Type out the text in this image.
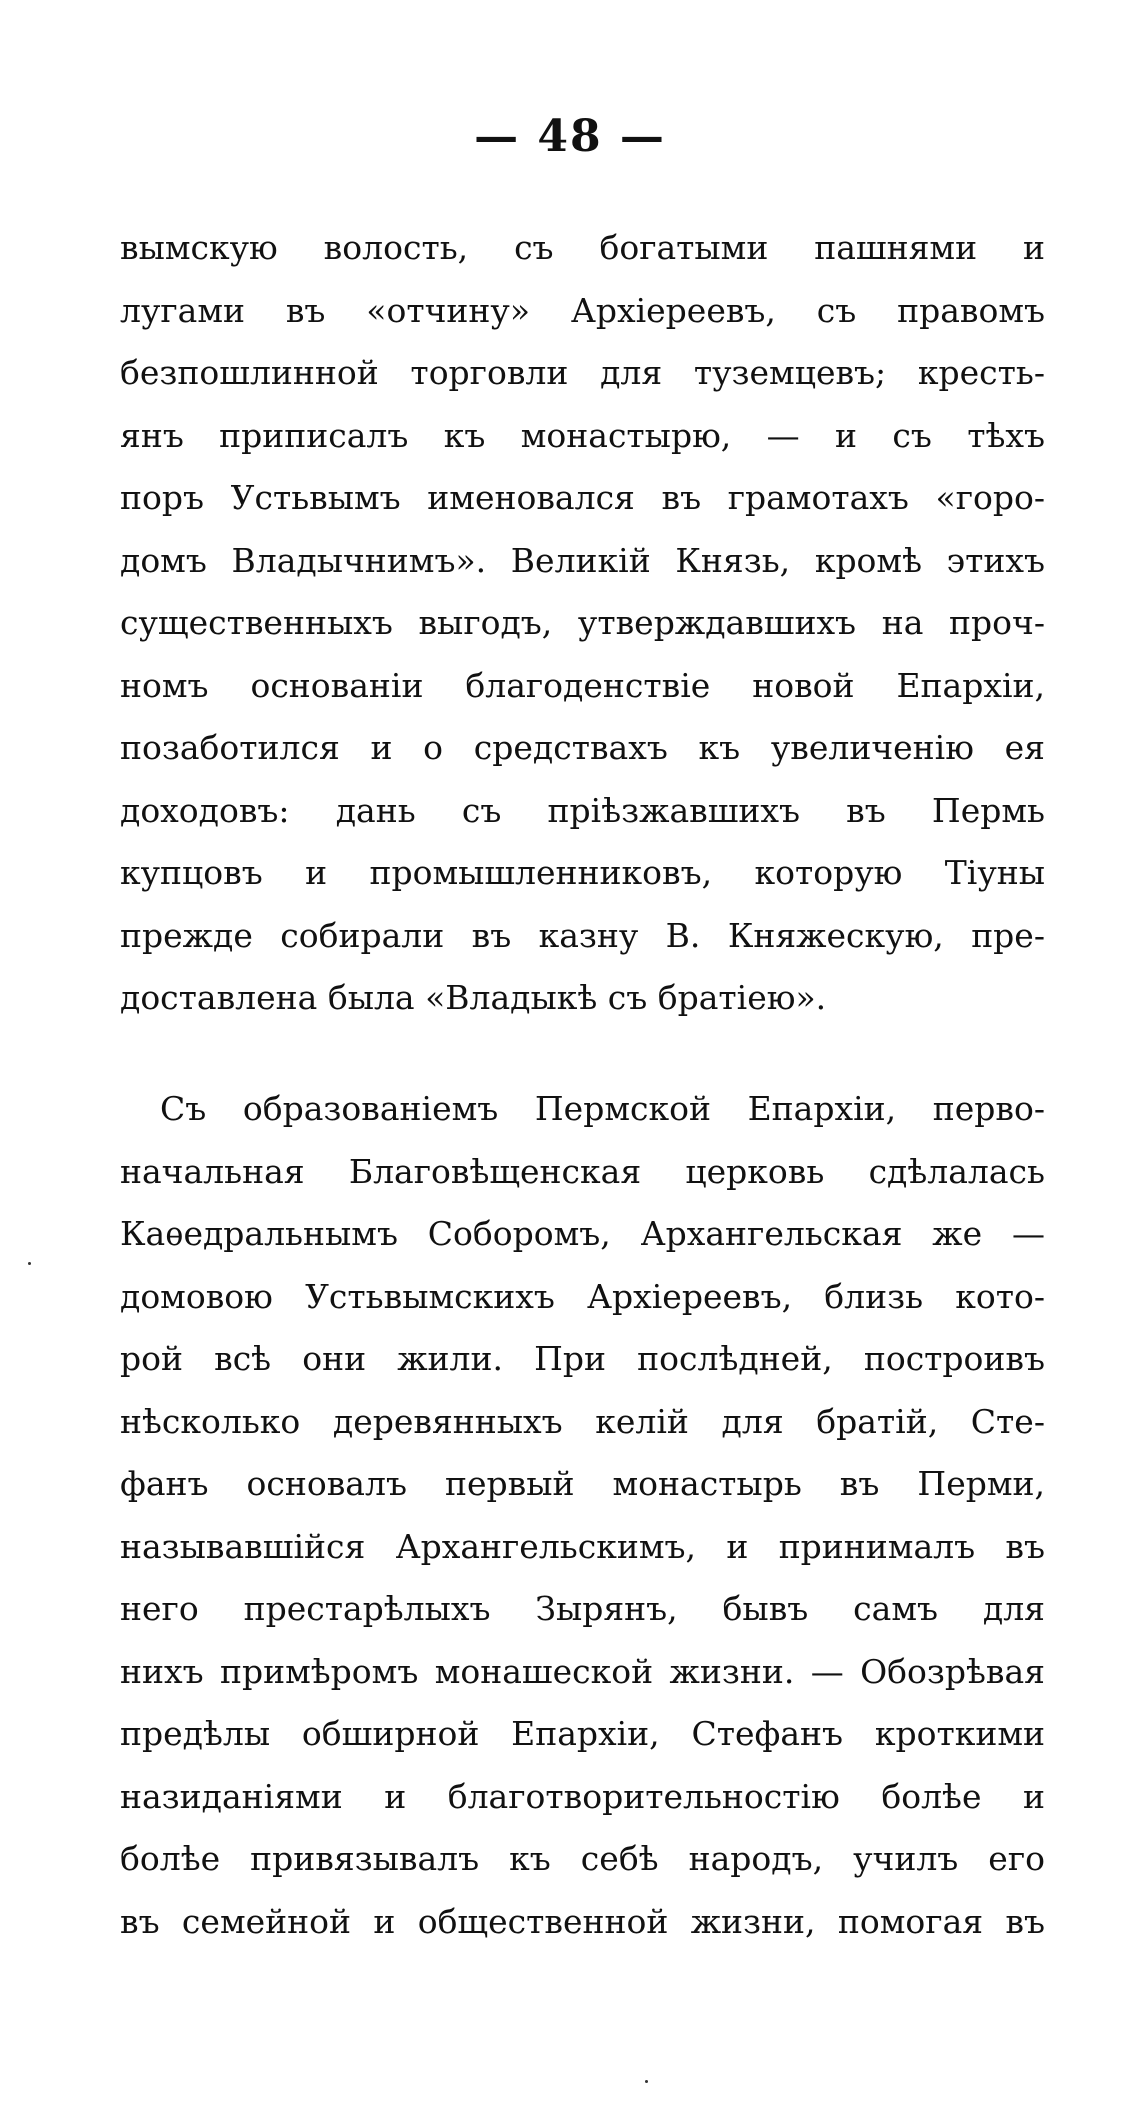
— 48 —
вымскую волость, съ богатыми пашнями и
лугами въ «отчину» Архіереевъ, съ правомъ
безпошлинной торговли для туземцевъ; кресть-
янъ приписалъ къ монастырю, — и съ тѣхъ
поръ Устьвымъ именовался въ грамотахъ «горо-
домъ Владычнимъ». Великій Князь, кромѣ этихъ
существенныхъ выгодъ, утверждавшихъ на проч-
номъ основаніи благоденствіе новой Епархіи,
позаботился и о средствахъ къ увеличенію ея
доходовъ: дань съ пріѣзжавшихъ въ Пермь
купцовъ и промышленниковъ, которую Тіуны
прежде собирали въ казну В. Княжескую, пре-
доставлена была «Владыкѣ съ братіею».
Съ образованіемъ Пермской Епархіи, перво-
начальная Благовѣщенская церковь сдѣлалась
Каѳедральнымъ Соборомъ, Архангельская же —
домовою Устьвымскихъ Архіереевъ, близь кото-
рой всѣ они жили. При послѣдней, построивъ
нѣсколько деревянныхъ келій для братій, Сте-
фанъ основалъ первый монастырь въ Перми,
называвшійся Архангельскимъ, и принималъ въ
него престарѣлыхъ Зырянъ, бывъ самъ для
нихъ примѣромъ монашеской жизни. — Обозрѣвая
предѣлы обширной Епархіи, Стефанъ кроткими
назиданіями и благотворительностію болѣе и
болѣе привязывалъ къ себѣ народъ, училъ его
въ семейной и общественной жизни, помогая въ
